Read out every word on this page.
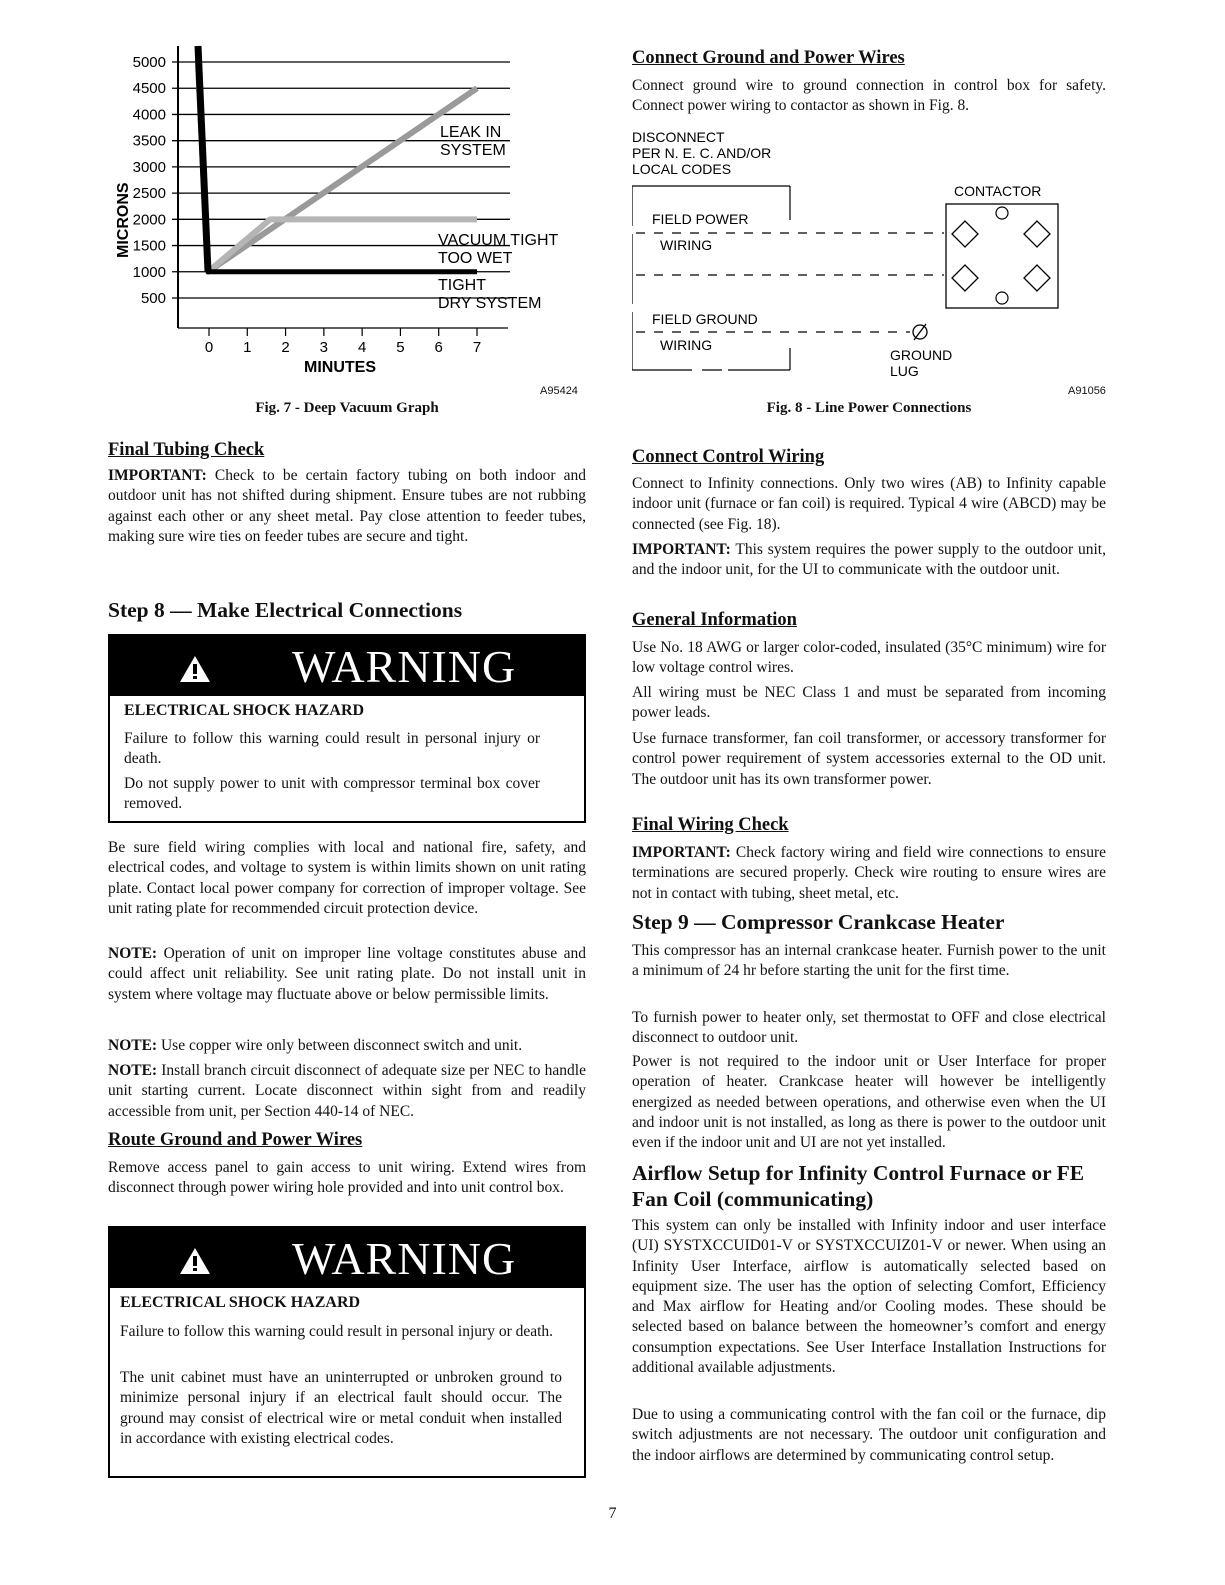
5000
4500
4000
3500
3000
2500
2000
1500
1000
500
0 1 2 3 4 5 6 7
LEAK IN
SYSTEM
VACUUM TIGHT
TOO WET
TIGHT
DRY SYSTEM
MICRONS
MINUTES
A95424
Fig. 7 - Deep Vacuum Graph
DISCONNECT
PER N. E. C. AND/OR
LOCAL CODES
FIELD POWER
WIRING
FIELD GROUND
WIRING
GROUND
LUG
CONTACTOR
A91056
Fig. 8 - Line Power Connections
Final Tubing Check

IMPORTANT: Check to be certain factory tubing on both indoor and outdoor unit has not shifted during shipment. Ensure tubes are not rubbing against each other or any sheet metal. Pay close attention to feeder tubes, making sure wire ties on feeder tubes are secure and tight.

Step 8 — Make Electrical Connections
WARNING
ELECTRICAL SHOCK HAZARD

Failure to follow this warning could result in personal injury or death.

Do not supply power to unit with compressor terminal box cover removed.

Be sure field wiring complies with local and national fire, safety, and electrical codes, and voltage to system is within limits shown on unit rating plate. Contact local power company for correction of improper voltage. See unit rating plate for recommended circuit protection device.

NOTE: Operation of unit on improper line voltage constitutes abuse and could affect unit reliability. See unit rating plate. Do not install unit in system where voltage may fluctuate above or below permissible limits.

NOTE: Use copper wire only between disconnect switch and unit.

NOTE: Install branch circuit disconnect of adequate size per NEC to handle unit starting current. Locate disconnect within sight from and readily accessible from unit, per Section 440-14 of NEC.

Route Ground and Power Wires

Remove access panel to gain access to unit wiring. Extend wires from disconnect through power wiring hole provided and into unit control box.

WARNING
ELECTRICAL SHOCK HAZARD

Failure to follow this warning could result in personal injury or death.

The unit cabinet must have an uninterrupted or unbroken ground to minimize personal injury if an electrical fault should occur. The ground may consist of electrical wire or metal conduit when installed in accordance with existing electrical codes.

Connect Ground and Power Wires

Connect ground wire to ground connection in control box for safety. Connect power wiring to contactor as shown in Fig. 8.

Connect Control Wiring

Connect to Infinity connections. Only two wires (AB) to Infinity capable indoor unit (furnace or fan coil) is required. Typical 4 wire (ABCD) may be connected (see Fig. 18).

IMPORTANT: This system requires the power supply to the outdoor unit, and the indoor unit, for the UI to communicate with the outdoor unit.

General Information

Use No. 18 AWG or larger color-coded, insulated (35°C minimum) wire for low voltage control wires.

All wiring must be NEC Class 1 and must be separated from incoming power leads.

Use furnace transformer, fan coil transformer, or accessory transformer for control power requirement of system accessories external to the OD unit. The outdoor unit has its own transformer power.

Final Wiring Check

IMPORTANT: Check factory wiring and field wire connections to ensure terminations are secured properly. Check wire routing to ensure wires are not in contact with tubing, sheet metal, etc.

Step 9 — Compressor Crankcase Heater

This compressor has an internal crankcase heater. Furnish power to the unit a minimum of 24 hr before starting the unit for the first time.

To furnish power to heater only, set thermostat to OFF and close electrical disconnect to outdoor unit.

Power is not required to the indoor unit or User Interface for proper operation of heater. Crankcase heater will however be intelligently energized as needed between operations, and otherwise even when the UI and indoor unit is not installed, as long as there is power to the outdoor unit even if the indoor unit and UI are not yet installed.

Airflow Setup for Infinity Control Furnace or FE Fan Coil (communicating)

This system can only be installed with Infinity indoor and user interface (UI) SYSTXCCUID01-V or SYSTXCCUIZ01-V or newer. When using an Infinity User Interface, airflow is automatically selected based on equipment size. The user has the option of selecting Comfort, Efficiency and Max airflow for Heating and/or Cooling modes. These should be selected based on balance between the homeowner’s comfort and energy consumption expectations. See User Interface Installation Instructions for additional available adjustments.

Due to using a communicating control with the fan coil or the furnace, dip switch adjustments are not necessary. The outdoor unit configuration and the indoor airflows are determined by communicating control setup.

7
